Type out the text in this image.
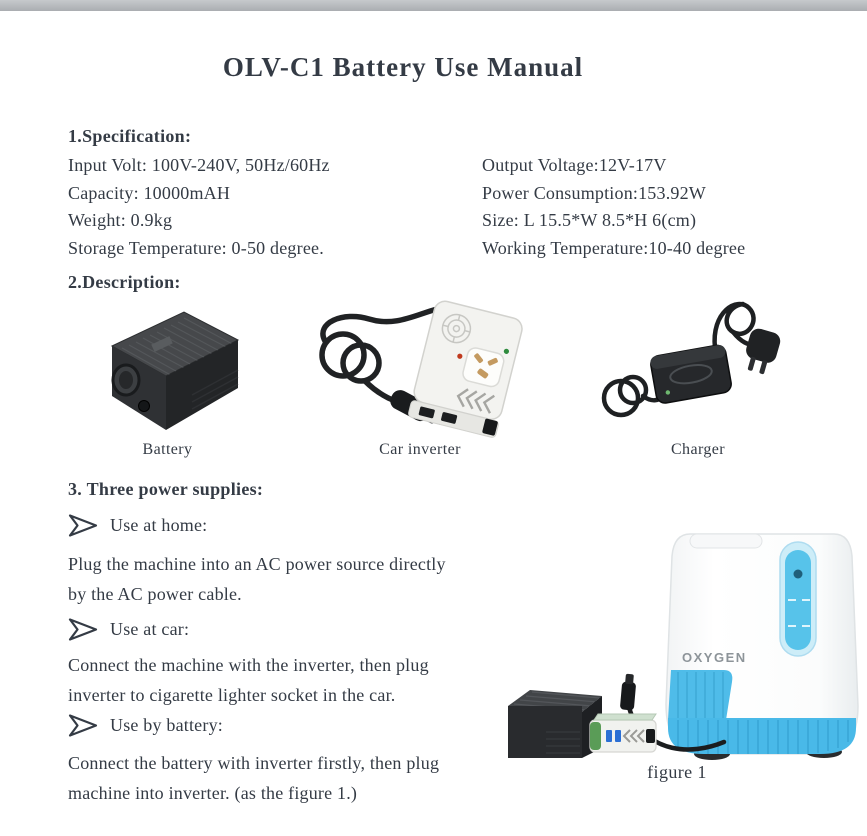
OLV-C1 Battery Use Manual
1.Specification:
Input Volt: 100V-240V, 50Hz/60Hz
Capacity: 10000mAH
Weight: 0.9kg
Storage Temperature: 0-50 degree.
Output Voltage:12V-17V
Power Consumption:153.92W
Size: L 15.5*W 8.5*H 6(cm)
Working Temperature:10-40 degree
2.Description:
Battery	Car inverter	Charger
3. Three power supplies:
Use at home:
Plug the machine into an AC power source directly
by the AC power cable.
Use at car:
Connect the machine with the inverter, then plug
inverter to cigarette lighter socket in the car.
Use by battery:
Connect the battery with inverter firstly, then plug
machine into inverter. (as the figure 1.)
OXYGEN
figure 1
